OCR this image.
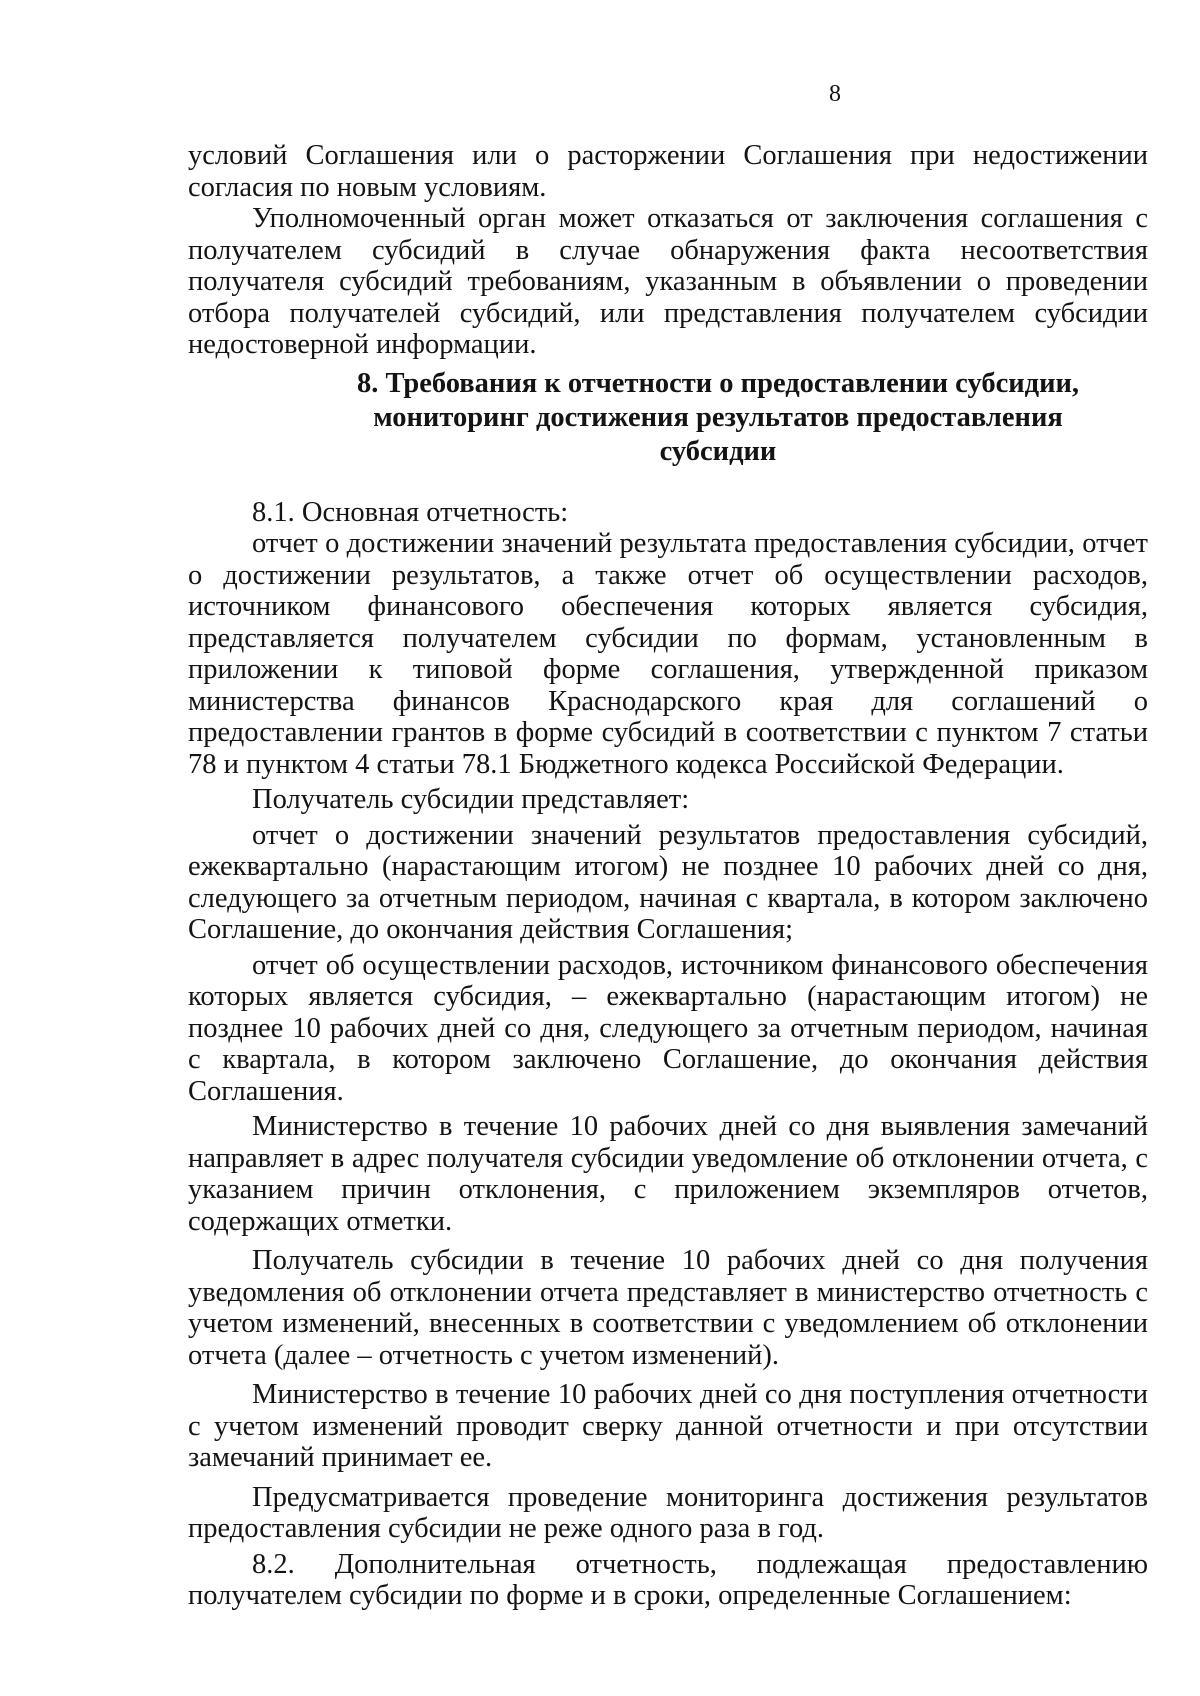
8

условий Соглашения или о расторжении Соглашения при недостижении согласия по новым условиям.

Уполномоченный орган может отказаться от заключения соглашения с получателем субсидий в случае обнаружения факта несоответствия получателя субсидий требованиям, указанным в объявлении о проведении отбора получателей субсидий, или представления получателем субсидии недостоверной информации.

8. Требования к отчетности о предоставлении субсидии,
мониторинг достижения результатов предоставления
субсидии

8.1. Основная отчетность:

отчет о достижении значений результата предоставления субсидии, отчет о достижении результатов, а также отчет об осуществлении расходов, источником финансового обеспечения которых является субсидия, представляется получателем субсидии по формам, установленным в приложении к типовой форме соглашения, утвержденной приказом министерства финансов Краснодарского края для соглашений о предоставлении грантов в форме субсидий в соответствии с пунктом 7 статьи 78 и пунктом 4 статьи 78.1 Бюджетного кодекса Российской Федерации.

Получатель субсидии представляет:

отчет о достижении значений результатов предоставления субсидий, ежеквартально (нарастающим итогом) не позднее 10 рабочих дней со дня, следующего за отчетным периодом, начиная с квартала, в котором заключено Соглашение, до окончания действия Соглашения;

отчет об осуществлении расходов, источником финансового обеспечения которых является субсидия, – ежеквартально (нарастающим итогом) не позднее 10 рабочих дней со дня, следующего за отчетным периодом, начиная с квартала, в котором заключено Соглашение, до окончания действия Соглашения.

Министерство в течение 10 рабочих дней со дня выявления замечаний направляет в адрес получателя субсидии уведомление об отклонении отчета, с указанием причин отклонения, с приложением экземпляров отчетов, содержащих отметки.

Получатель субсидии в течение 10 рабочих дней со дня получения уведомления об отклонении отчета представляет в министерство отчетность с учетом изменений, внесенных в соответствии с уведомлением об отклонении отчета (далее – отчетность с учетом изменений).

Министерство в течение 10 рабочих дней со дня поступления отчетности с учетом изменений проводит сверку данной отчетности и при отсутствии замечаний принимает ее.

Предусматривается проведение мониторинга достижения результатов предоставления субсидии не реже одного раза в год.

8.2. Дополнительная отчетность, подлежащая предоставлению получателем субсидии по форме и в сроки, определенные Соглашением:
